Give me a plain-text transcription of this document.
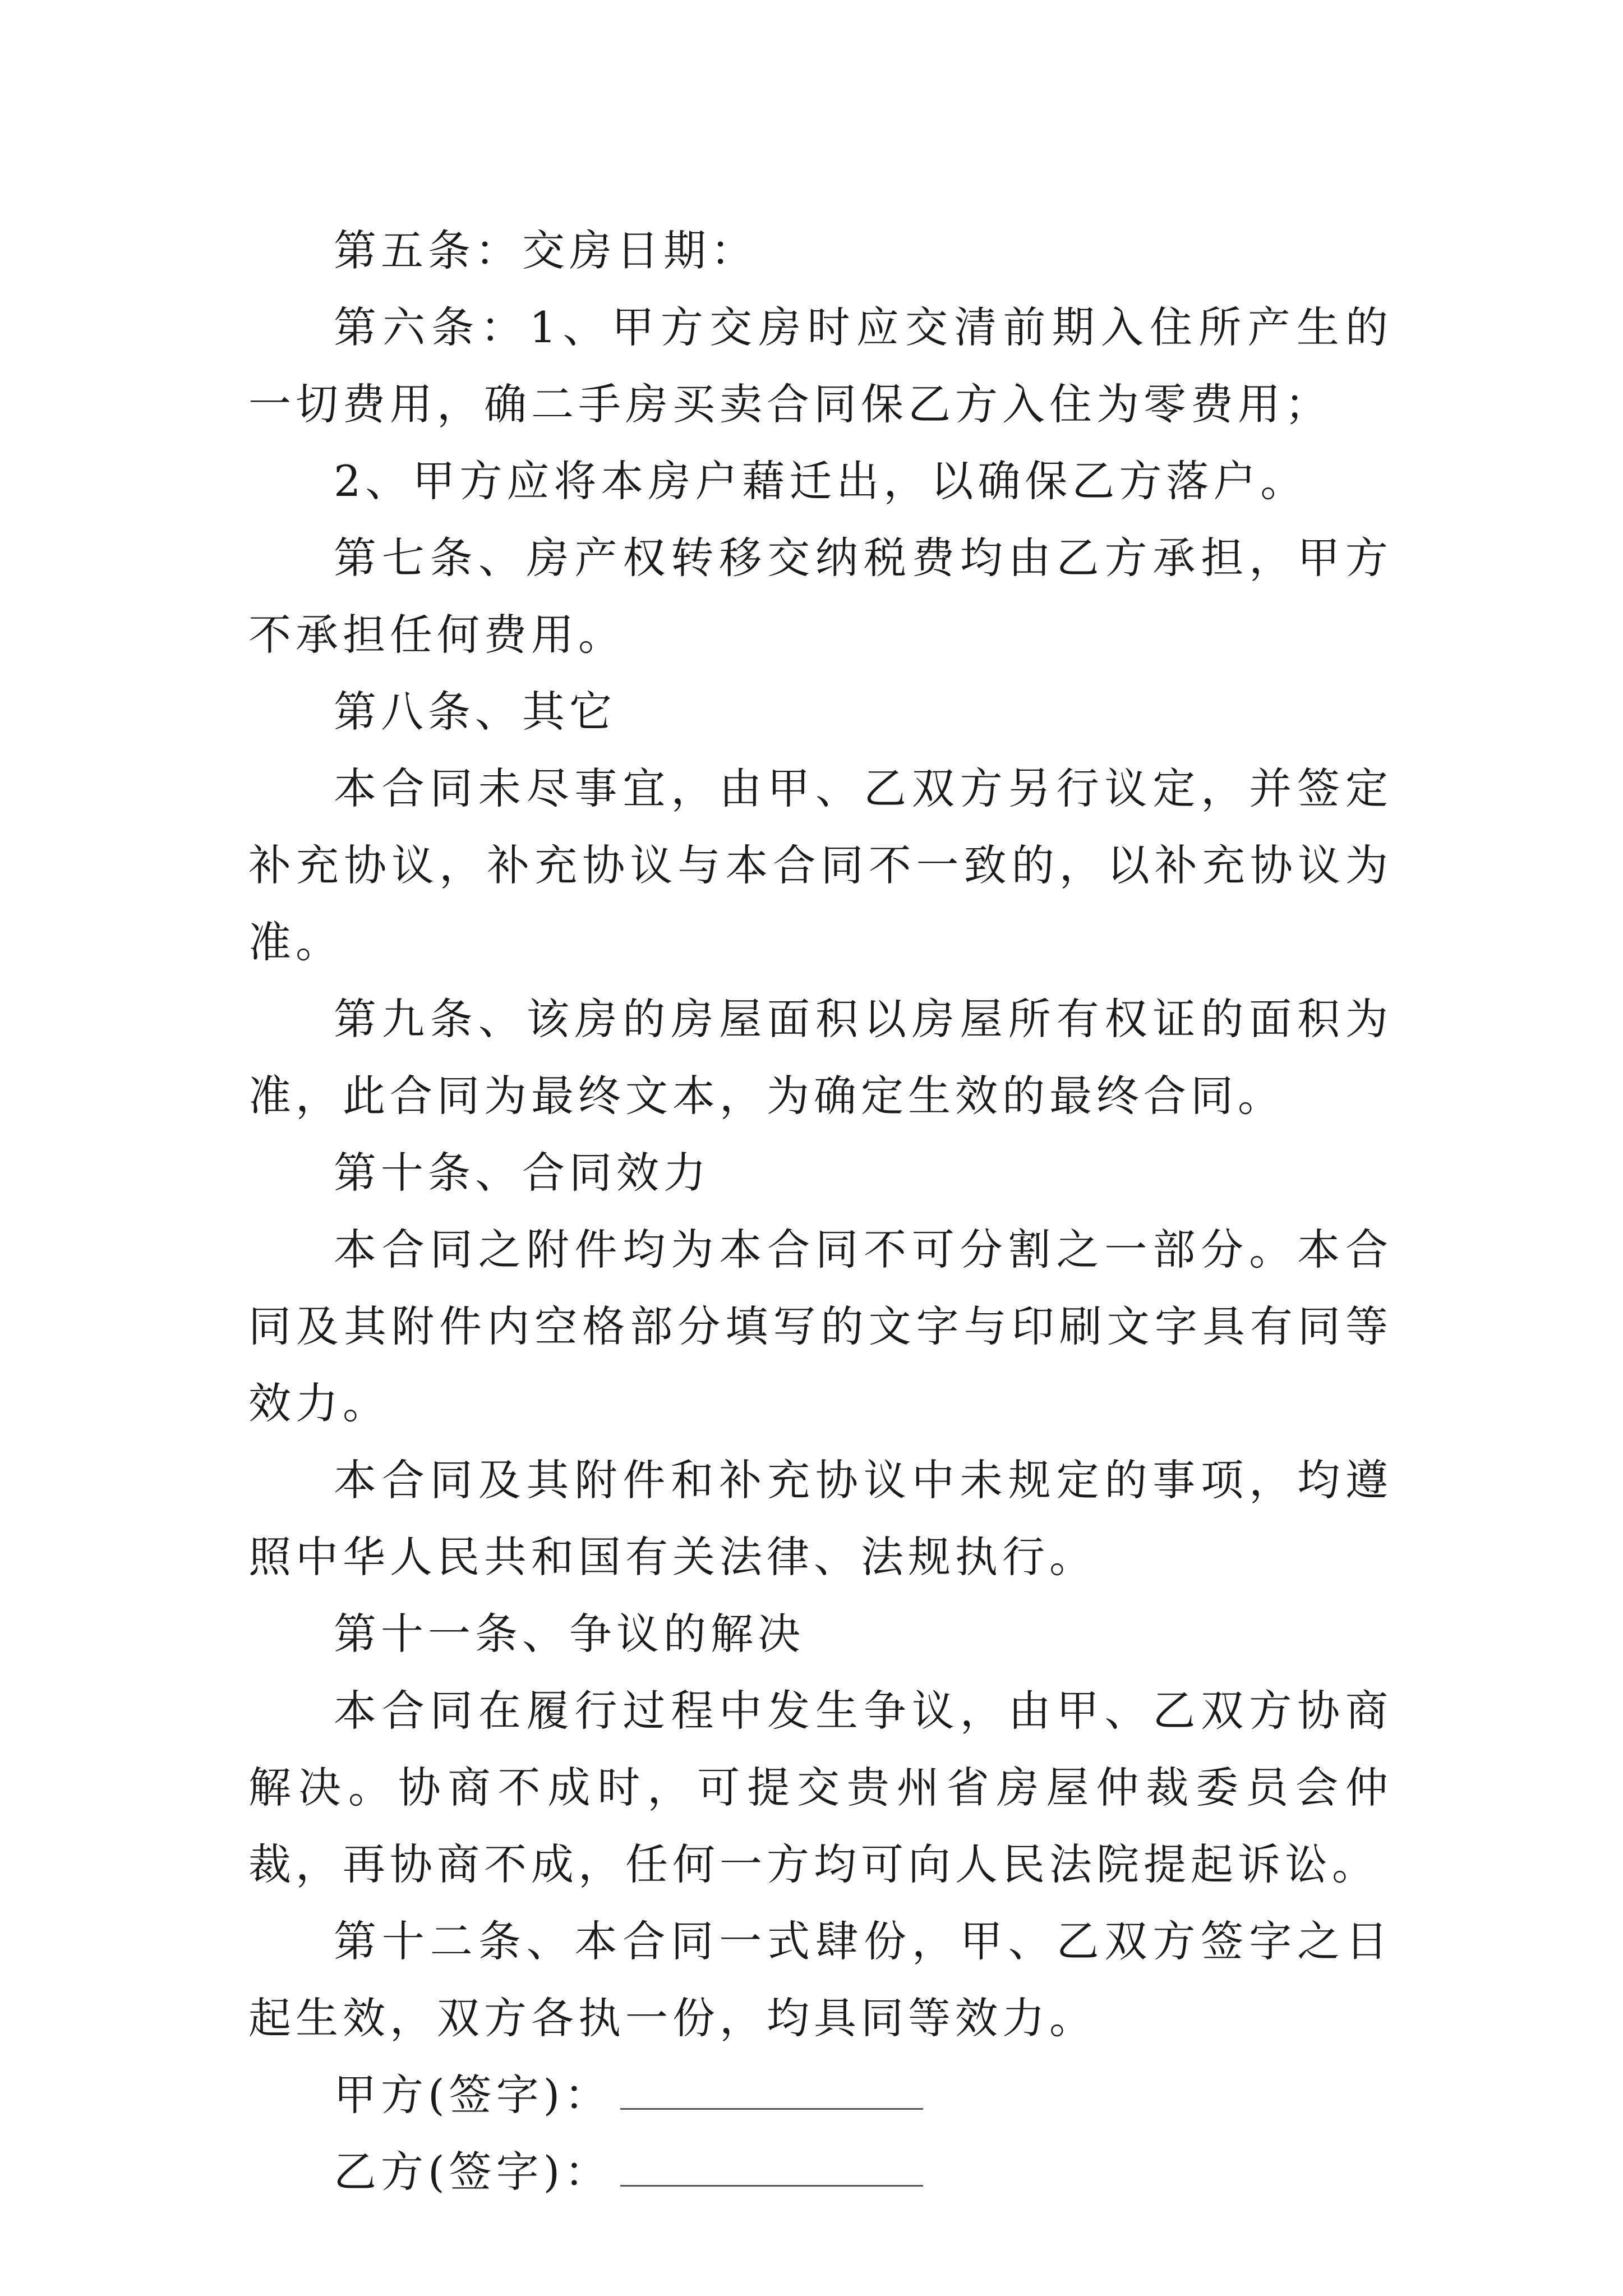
第五条：交房日期：

第六条：1、甲方交房时应交清前期入住所产生的一切费用，确二手房买卖合同保乙方入住为零费用；

2、甲方应将本房户藉迁出，以确保乙方落户。

第七条、房产权转移交纳税费均由乙方承担，甲方不承担任何费用。

第八条、其它

本合同未尽事宜，由甲、乙双方另行议定，并签定补充协议，补充协议与本合同不一致的，以补充协议为准。

第九条、该房的房屋面积以房屋所有权证的面积为准，此合同为最终文本，为确定生效的最终合同。

第十条、合同效力

本合同之附件均为本合同不可分割之一部分。本合同及其附件内空格部分填写的文字与印刷文字具有同等效力。

本合同及其附件和补充协议中未规定的事项，均遵照中华人民共和国有关法律、法规执行。

第十一条、争议的解决

本合同在履行过程中发生争议，由甲、乙双方协商解决。协商不成时，可提交贵州省房屋仲裁委员会仲裁，再协商不成，任何一方均可向人民法院提起诉讼。

第十二条、本合同一式肆份，甲、乙双方签字之日起生效，双方各执一份，均具同等效力。

甲方(签字)：

乙方(签字)：
